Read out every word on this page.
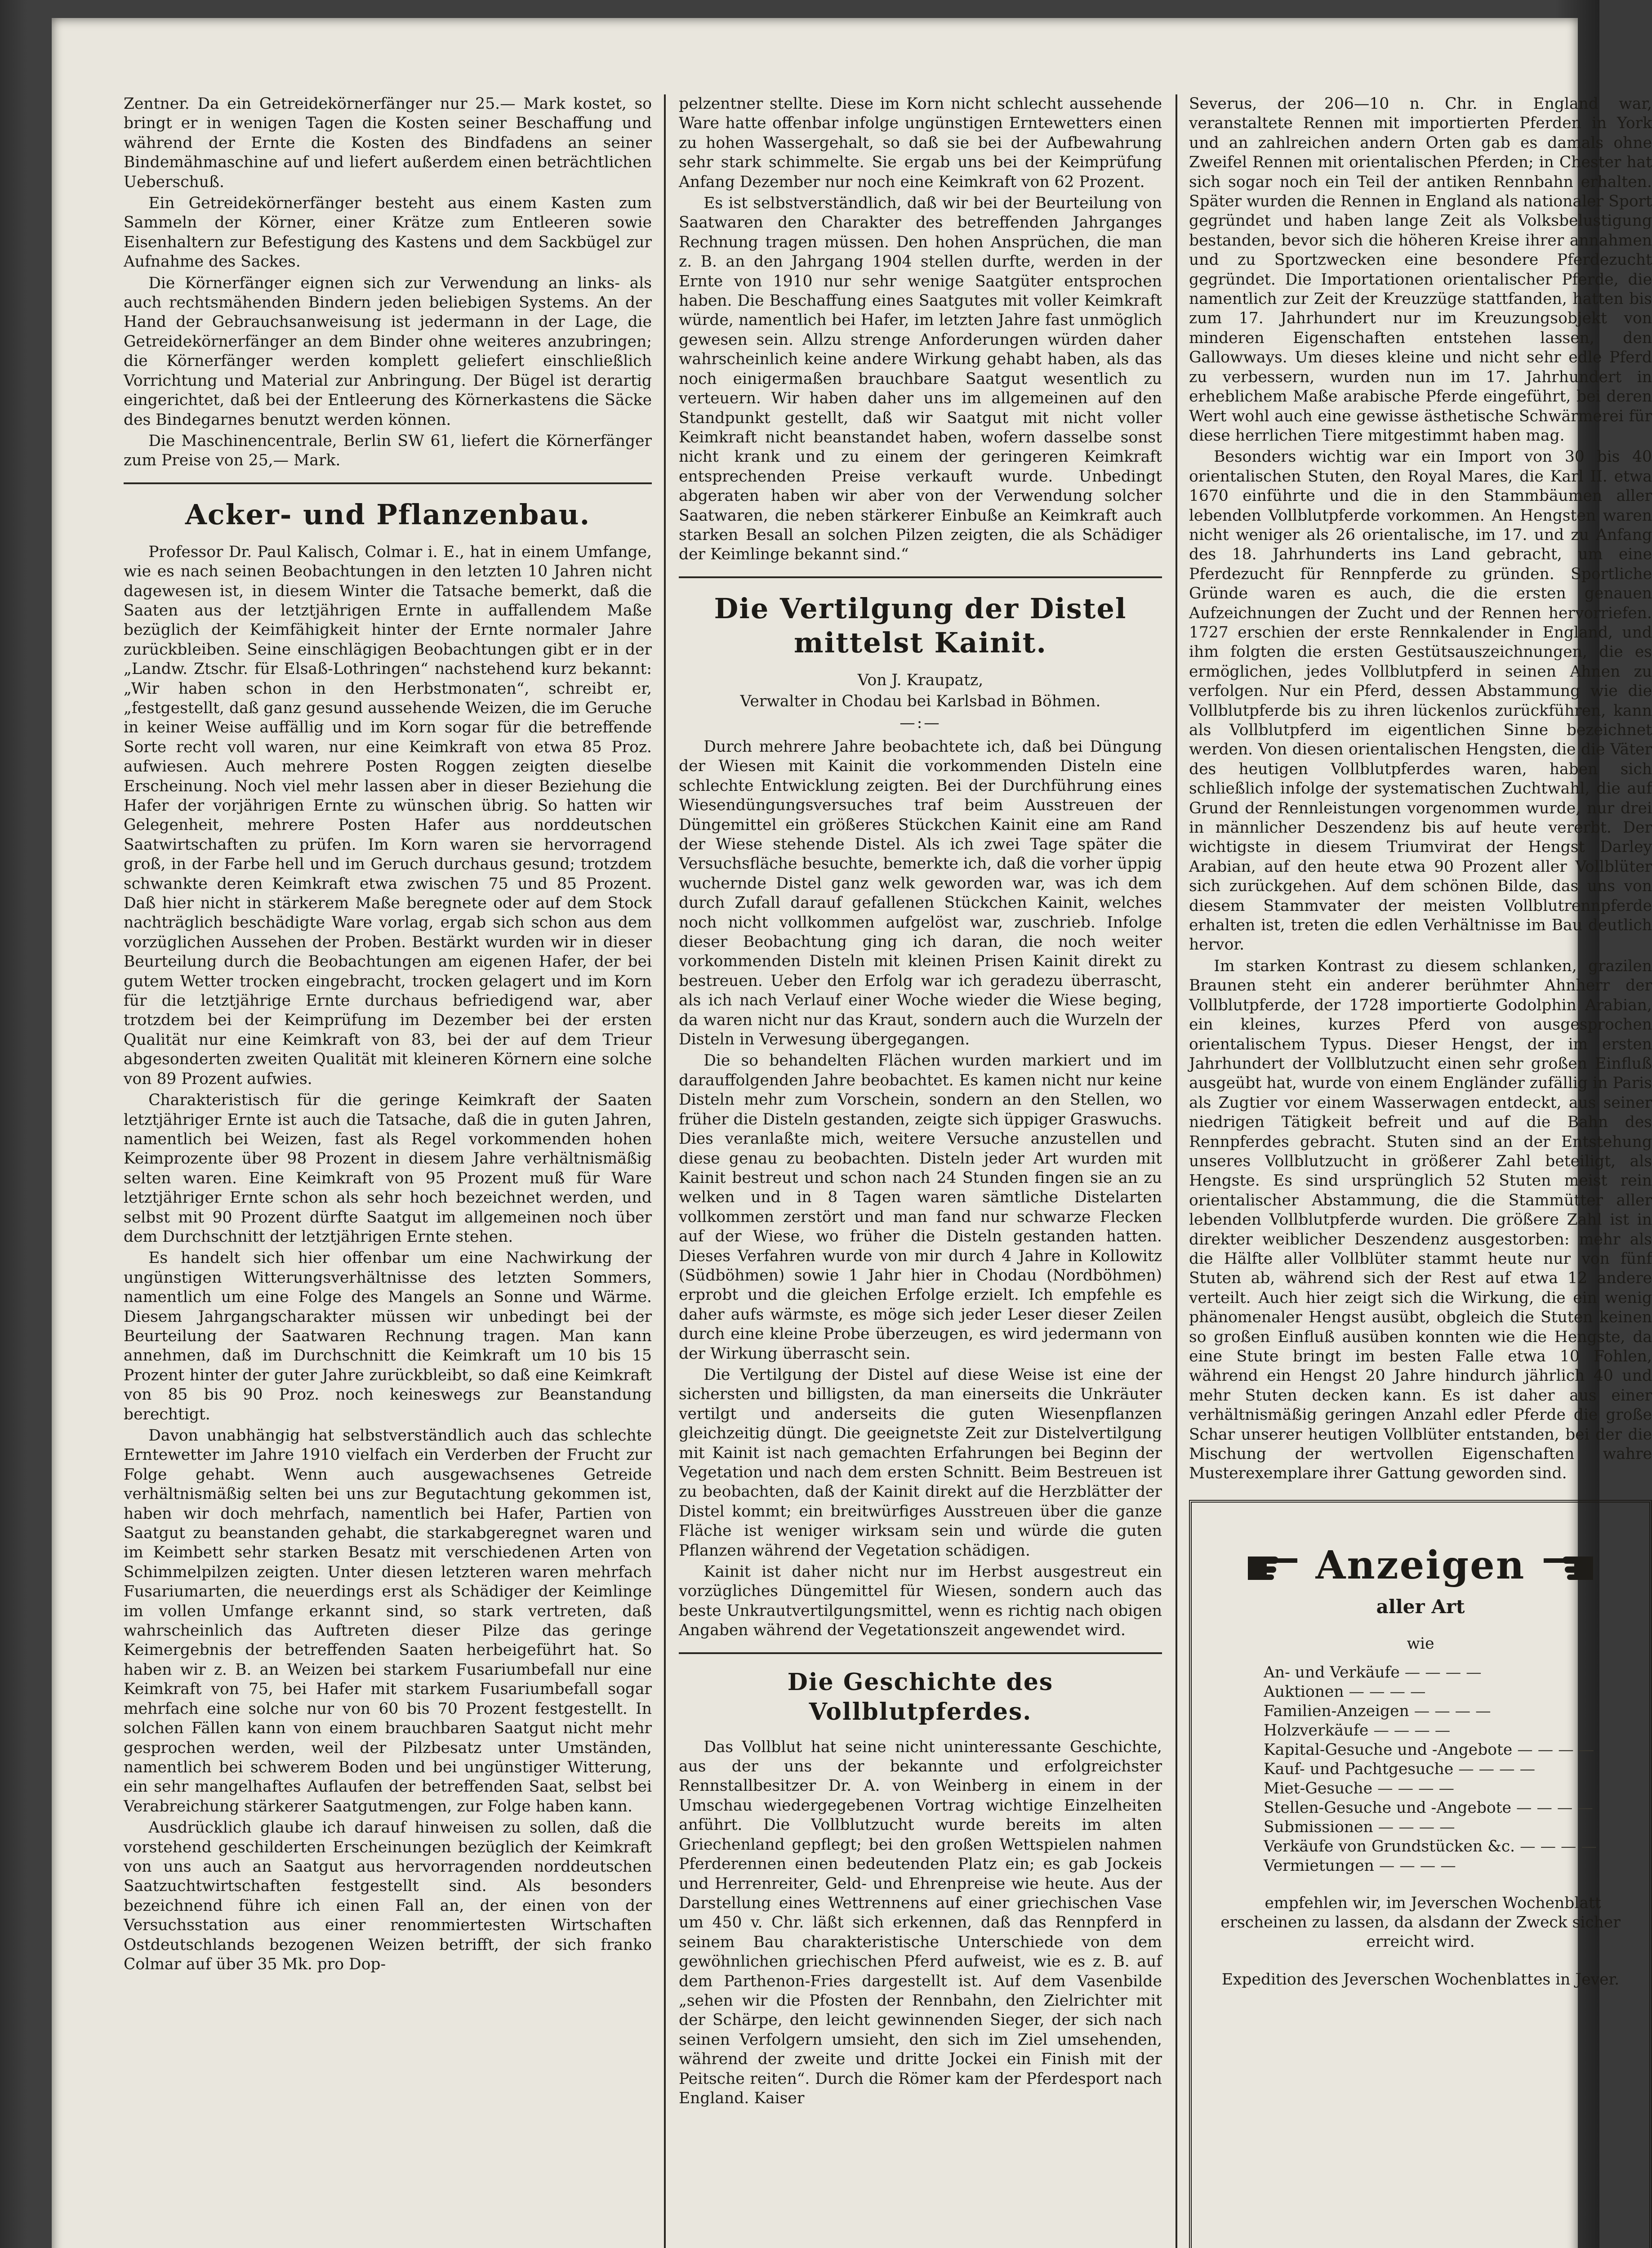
Zentner. Da ein Getreidekörnerfänger nur 25.— Mark kostet, so bringt er in wenigen Tagen die Kosten seiner Beschaffung und während der Ernte die Kosten des Bindfadens an seiner Bindemähmaschine auf und liefert außerdem einen beträchtlichen Ueberschuß.

Ein Getreidekörnerfänger besteht aus einem Kasten zum Sammeln der Körner, einer Krätze zum Entleeren sowie Eisenhaltern zur Befestigung des Kastens und dem Sackbügel zur Aufnahme des Sackes.

Die Körnerfänger eignen sich zur Verwendung an links- als auch rechtsmähenden Bindern jeden beliebigen Systems. An der Hand der Gebrauchsanweisung ist jedermann in der Lage, die Getreidekörnerfänger an dem Binder ohne weiteres anzubringen; die Körnerfänger werden komplett geliefert einschließlich Vorrichtung und Material zur Anbringung. Der Bügel ist derartig eingerichtet, daß bei der Entleerung des Körnerkastens die Säcke des Bindegarnes benutzt werden können.

Die Maschinencentrale, Berlin SW 61, liefert die Körnerfänger zum Preise von 25,— Mark.

Acker- und Pflanzenbau.

Professor Dr. Paul Kalisch, Colmar i. E., hat in einem Umfange, wie es nach seinen Beobachtungen in den letzten 10 Jahren nicht dagewesen ist, in diesem Winter die Tatsache bemerkt, daß die Saaten aus der letztjährigen Ernte in auffallendem Maße bezüglich der Keimfähigkeit hinter der Ernte normaler Jahre zurückbleiben. Seine einschlägigen Beobachtungen gibt er in der „Landw. Ztschr. für Elsaß-Lothringen“ nachstehend kurz bekannt: „Wir haben schon in den Herbstmonaten“, schreibt er, „festgestellt, daß ganz gesund aussehende Weizen, die im Geruche in keiner Weise auffällig und im Korn sogar für die betreffende Sorte recht voll waren, nur eine Keimkraft von etwa 85 Proz. aufwiesen. Auch mehrere Posten Roggen zeigten dieselbe Erscheinung. Noch viel mehr lassen aber in dieser Beziehung die Hafer der vorjährigen Ernte zu wünschen übrig. So hatten wir Gelegenheit, mehrere Posten Hafer aus norddeutschen Saatwirtschaften zu prüfen. Im Korn waren sie hervorragend groß, in der Farbe hell und im Geruch durchaus gesund; trotzdem schwankte deren Keimkraft etwa zwischen 75 und 85 Prozent. Daß hier nicht in stärkerem Maße beregnete oder auf dem Stock nachträglich beschädigte Ware vorlag, ergab sich schon aus dem vorzüglichen Aussehen der Proben. Bestärkt wurden wir in dieser Beurteilung durch die Beobachtungen am eigenen Hafer, der bei gutem Wetter trocken eingebracht, trocken gelagert und im Korn für die letztjährige Ernte durchaus befriedigend war, aber trotzdem bei der Keimprüfung im Dezember bei der ersten Qualität nur eine Keimkraft von 83, bei der auf dem Trieur abgesonderten zweiten Qualität mit kleineren Körnern eine solche von 89 Prozent aufwies.

Charakteristisch für die geringe Keimkraft der Saaten letztjähriger Ernte ist auch die Tatsache, daß die in guten Jahren, namentlich bei Weizen, fast als Regel vorkommenden hohen Keimprozente über 98 Prozent in diesem Jahre verhältnismäßig selten waren. Eine Keimkraft von 95 Prozent muß für Ware letztjähriger Ernte schon als sehr hoch bezeichnet werden, und selbst mit 90 Prozent dürfte Saatgut im allgemeinen noch über dem Durchschnitt der letztjährigen Ernte stehen.

Es handelt sich hier offenbar um eine Nachwirkung der ungünstigen Witterungsverhältnisse des letzten Sommers, namentlich um eine Folge des Mangels an Sonne und Wärme. Diesem Jahrgangscharakter müssen wir unbedingt bei der Beurteilung der Saatwaren Rechnung tragen. Man kann annehmen, daß im Durchschnitt die Keimkraft um 10 bis 15 Prozent hinter der guter Jahre zurückbleibt, so daß eine Keimkraft von 85 bis 90 Proz. noch keineswegs zur Beanstandung berechtigt.

Davon unabhängig hat selbstverständlich auch das schlechte Erntewetter im Jahre 1910 vielfach ein Verderben der Frucht zur Folge gehabt. Wenn auch ausgewachsenes Getreide verhältnismäßig selten bei uns zur Begutachtung gekommen ist, haben wir doch mehrfach, namentlich bei Hafer, Partien von Saatgut zu beanstanden gehabt, die starkabgeregnet waren und im Keimbett sehr starken Besatz mit verschiedenen Arten von Schimmelpilzen zeigten. Unter diesen letzteren waren mehrfach Fusariumarten, die neuerdings erst als Schädiger der Keimlinge im vollen Umfange erkannt sind, so stark vertreten, daß wahrscheinlich das Auftreten dieser Pilze das geringe Keimergebnis der betreffenden Saaten herbeigeführt hat. So haben wir z. B. an Weizen bei starkem Fusariumbefall nur eine Keimkraft von 75, bei Hafer mit starkem Fusariumbefall sogar mehrfach eine solche nur von 60 bis 70 Prozent festgestellt. In solchen Fällen kann von einem brauchbaren Saatgut nicht mehr gesprochen werden, weil der Pilzbesatz unter Umständen, namentlich bei schwerem Boden und bei ungünstiger Witterung, ein sehr mangelhaftes Auflaufen der betreffenden Saat, selbst bei Verabreichung stärkerer Saatgutmengen, zur Folge haben kann.

Ausdrücklich glaube ich darauf hinweisen zu sollen, daß die vorstehend geschilderten Erscheinungen bezüglich der Keimkraft von uns auch an Saatgut aus hervorragenden norddeutschen Saatzuchtwirtschaften festgestellt sind. Als besonders bezeichnend führe ich einen Fall an, der einen von der Versuchsstation aus einer renommiertesten Wirtschaften Ostdeutschlands bezogenen Weizen betrifft, der sich franko Colmar auf über 35 Mk. pro Dop-

pelzentner stellte. Diese im Korn nicht schlecht aussehende Ware hatte offenbar infolge ungünstigen Erntewetters einen zu hohen Wassergehalt, so daß sie bei der Aufbewahrung sehr stark schimmelte. Sie ergab uns bei der Keimprüfung Anfang Dezember nur noch eine Keimkraft von 62 Prozent.

Es ist selbstverständlich, daß wir bei der Beurteilung von Saatwaren den Charakter des betreffenden Jahrganges Rechnung tragen müssen. Den hohen Ansprüchen, die man z. B. an den Jahrgang 1904 stellen durfte, werden in der Ernte von 1910 nur sehr wenige Saatgüter entsprochen haben. Die Beschaffung eines Saatgutes mit voller Keimkraft würde, namentlich bei Hafer, im letzten Jahre fast unmöglich gewesen sein. Allzu strenge Anforderungen würden daher wahrscheinlich keine andere Wirkung gehabt haben, als das noch einigermaßen brauchbare Saatgut wesentlich zu verteuern. Wir haben daher uns im allgemeinen auf den Standpunkt gestellt, daß wir Saatgut mit nicht voller Keimkraft nicht beanstandet haben, wofern dasselbe sonst nicht krank und zu einem der geringeren Keimkraft entsprechenden Preise verkauft wurde. Unbedingt abgeraten haben wir aber von der Verwendung solcher Saatwaren, die neben stärkerer Einbuße an Keimkraft auch starken Besall an solchen Pilzen zeigten, die als Schädiger der Keimlinge bekannt sind.“

Die Vertilgung der Distel mittelst Kainit.
Von J. Kraupatz,
Verwalter in Chodau bei Karlsbad in Böhmen.
—:—

Durch mehrere Jahre beobachtete ich, daß bei Düngung der Wiesen mit Kainit die vorkommenden Disteln eine schlechte Entwicklung zeigten. Bei der Durchführung eines Wiesendüngungsversuches traf beim Ausstreuen der Düngemittel ein größeres Stückchen Kainit eine am Rand der Wiese stehende Distel. Als ich zwei Tage später die Versuchsfläche besuchte, bemerkte ich, daß die vorher üppig wuchernde Distel ganz welk geworden war, was ich dem durch Zufall darauf gefallenen Stückchen Kainit, welches noch nicht vollkommen aufgelöst war, zuschrieb. Infolge dieser Beobachtung ging ich daran, die noch weiter vorkommenden Disteln mit kleinen Prisen Kainit direkt zu bestreuen. Ueber den Erfolg war ich geradezu überrascht, als ich nach Verlauf einer Woche wieder die Wiese beging, da waren nicht nur das Kraut, sondern auch die Wurzeln der Disteln in Verwesung übergegangen.

Die so behandelten Flächen wurden markiert und im darauffolgenden Jahre beobachtet. Es kamen nicht nur keine Disteln mehr zum Vorschein, sondern an den Stellen, wo früher die Disteln gestanden, zeigte sich üppiger Graswuchs. Dies veranlaßte mich, weitere Versuche anzustellen und diese genau zu beobachten. Disteln jeder Art wurden mit Kainit bestreut und schon nach 24 Stunden fingen sie an zu welken und in 8 Tagen waren sämtliche Distelarten vollkommen zerstört und man fand nur schwarze Flecken auf der Wiese, wo früher die Disteln gestanden hatten. Dieses Verfahren wurde von mir durch 4 Jahre in Kollowitz (Südböhmen) sowie 1 Jahr hier in Chodau (Nordböhmen) erprobt und die gleichen Erfolge erzielt. Ich empfehle es daher aufs wärmste, es möge sich jeder Leser dieser Zeilen durch eine kleine Probe überzeugen, es wird jedermann von der Wirkung überrascht sein.

Die Vertilgung der Distel auf diese Weise ist eine der sichersten und billigsten, da man einerseits die Unkräuter vertilgt und anderseits die guten Wiesenpflanzen gleichzeitig düngt. Die geeignetste Zeit zur Distelvertilgung mit Kainit ist nach gemachten Erfahrungen bei Beginn der Vegetation und nach dem ersten Schnitt. Beim Bestreuen ist zu beobachten, daß der Kainit direkt auf die Herzblätter der Distel kommt; ein breitwürfiges Ausstreuen über die ganze Fläche ist weniger wirksam sein und würde die guten Pflanzen während der Vegetation schädigen.

Kainit ist daher nicht nur im Herbst ausgestreut ein vorzügliches Düngemittel für Wiesen, sondern auch das beste Unkrautvertilgungsmittel, wenn es richtig nach obigen Angaben während der Vegetationszeit angewendet wird.

Die Geschichte des Vollblutpferdes.

Das Vollblut hat seine nicht uninteressante Geschichte, aus der uns der bekannte und erfolgreichster Rennstallbesitzer Dr. A. von Weinberg in einem in der Umschau wiedergegebenen Vortrag wichtige Einzelheiten anführt. Die Vollblutzucht wurde bereits im alten Griechenland gepflegt; bei den großen Wettspielen nahmen Pferderennen einen bedeutenden Platz ein; es gab Jockeis und Herrenreiter, Geld- und Ehrenpreise wie heute. Aus der Darstellung eines Wettrennens auf einer griechischen Vase um 450 v. Chr. läßt sich erkennen, daß das Rennpferd in seinem Bau charakteristische Unterschiede von dem gewöhnlichen griechischen Pferd aufweist, wie es z. B. auf dem Parthenon-Fries dargestellt ist. Auf dem Vasenbilde „sehen wir die Pfosten der Rennbahn, den Zielrichter mit der Schärpe, den leicht gewinnenden Sieger, der sich nach seinen Verfolgern umsieht, den sich im Ziel umsehenden, während der zweite und dritte Jockei ein Finish mit der Peitsche reiten“. Durch die Römer kam der Pferdesport nach England. Kaiser

Severus, der 206—10 n. Chr. in England war, veranstaltete Rennen mit importierten Pferden in York und an zahlreichen andern Orten gab es damals ohne Zweifel Rennen mit orientalischen Pferden; in Chester hat sich sogar noch ein Teil der antiken Rennbahn erhalten. Später wurden die Rennen in England als nationaler Sport gegründet und haben lange Zeit als Volksbelustigung bestanden, bevor sich die höheren Kreise ihrer annahmen und zu Sportzwecken eine besondere Pferdezucht gegründet. Die Importationen orientalischer Pferde, die namentlich zur Zeit der Kreuzzüge stattfanden, hatten bis zum 17. Jahrhundert nur im Kreuzungsobjekt von minderen Eigenschaften entstehen lassen, den Gallowways. Um dieses kleine und nicht sehr edle Pferd zu verbessern, wurden nun im 17. Jahrhundert in erheblichem Maße arabische Pferde eingeführt, bei deren Wert wohl auch eine gewisse ästhetische Schwärmerei für diese herrlichen Tiere mitgestimmt haben mag.

Besonders wichtig war ein Import von 30 bis 40 orientalischen Stuten, den Royal Mares, die Karl II. etwa 1670 einführte und die in den Stammbäumen aller lebenden Vollblutpferde vorkommen. An Hengsten waren nicht weniger als 26 orientalische, im 17. und zu Anfang des 18. Jahrhunderts ins Land gebracht, um eine Pferdezucht für Rennpferde zu gründen. Sportliche Gründe waren es auch, die die ersten genauen Aufzeichnungen der Zucht und der Rennen hervorriefen. 1727 erschien der erste Rennkalender in England, und ihm folgten die ersten Gestütsauszeichnungen, die es ermöglichen, jedes Vollblutpferd in seinen Ahnen zu verfolgen. Nur ein Pferd, dessen Abstammung wie die Vollblutpferde bis zu ihren lückenlos zurückführen, kann als Vollblutpferd im eigentlichen Sinne bezeichnet werden. Von diesen orientalischen Hengsten, die die Väter des heutigen Vollblutpferdes waren, haben sich schließlich infolge der systematischen Zuchtwahl, die auf Grund der Rennleistungen vorgenommen wurde, nur drei in männlicher Deszendenz bis auf heute vererbt. Der wichtigste in diesem Triumvirat der Hengst Darley Arabian, auf den heute etwa 90 Prozent aller Vollblüter sich zurückgehen. Auf dem schönen Bilde, das uns von diesem Stammvater der meisten Vollblutrennpferde erhalten ist, treten die edlen Verhältnisse im Bau deutlich hervor.

Im starken Kontrast zu diesem schlanken, grazilen Braunen steht ein anderer berühmter Ahnherr der Vollblutpferde, der 1728 importierte Godolphin Arabian, ein kleines, kurzes Pferd von ausgesprochen orientalischem Typus. Dieser Hengst, der im ersten Jahrhundert der Vollblutzucht einen sehr großen Einfluß ausgeübt hat, wurde von einem Engländer zufällig in Paris als Zugtier vor einem Wasserwagen entdeckt, aus seiner niedrigen Tätigkeit befreit und auf die Bahn des Rennpferdes gebracht. Stuten sind an der Entstehung unseres Vollblutzucht in größerer Zahl beteiligt, als Hengste. Es sind ursprünglich 52 Stuten meist rein orientalischer Abstammung, die die Stammütter aller lebenden Vollblutpferde wurden. Die größere Zahl ist in direkter weiblicher Deszendenz ausgestorben: mehr als die Hälfte aller Vollblüter stammt heute nur von fünf Stuten ab, während sich der Rest auf etwa 12 andere verteilt. Auch hier zeigt sich die Wirkung, die ein wenig phänomenaler Hengst ausübt, obgleich die Stuten keinen so großen Einfluß ausüben konnten wie die Hengste, da eine Stute bringt im besten Falle etwa 10 Fohlen, während ein Hengst 20 Jahre hindurch jährlich 40 und mehr Stuten decken kann. Es ist daher aus einer verhältnismäßig geringen Anzahl edler Pferde die große Schar unserer heutigen Vollblüter entstanden, bei der die Mischung der wertvollen Eigenschaften wahre Musterexemplare ihrer Gattung geworden sind.

Anzeigen
aller Art
wie
An- und Verkäufe — — — —
Auktionen — — — —
Familien-Anzeigen — — — —
Holzverkäufe — — — —
Kapital-Gesuche und -Angebote — — — —
Kauf- und Pachtgesuche — — — —
Miet-Gesuche — — — —
Stellen-Gesuche und -Angebote — — — —
Submissionen — — — —
Verkäufe von Grundstücken &c. — — — —
Vermietungen — — — —

empfehlen wir, im Jeverschen Wochenblatt erscheinen zu lassen, da alsdann der Zweck sicher erreicht wird.

Expedition des Jeverschen Wochenblattes in Jever.
